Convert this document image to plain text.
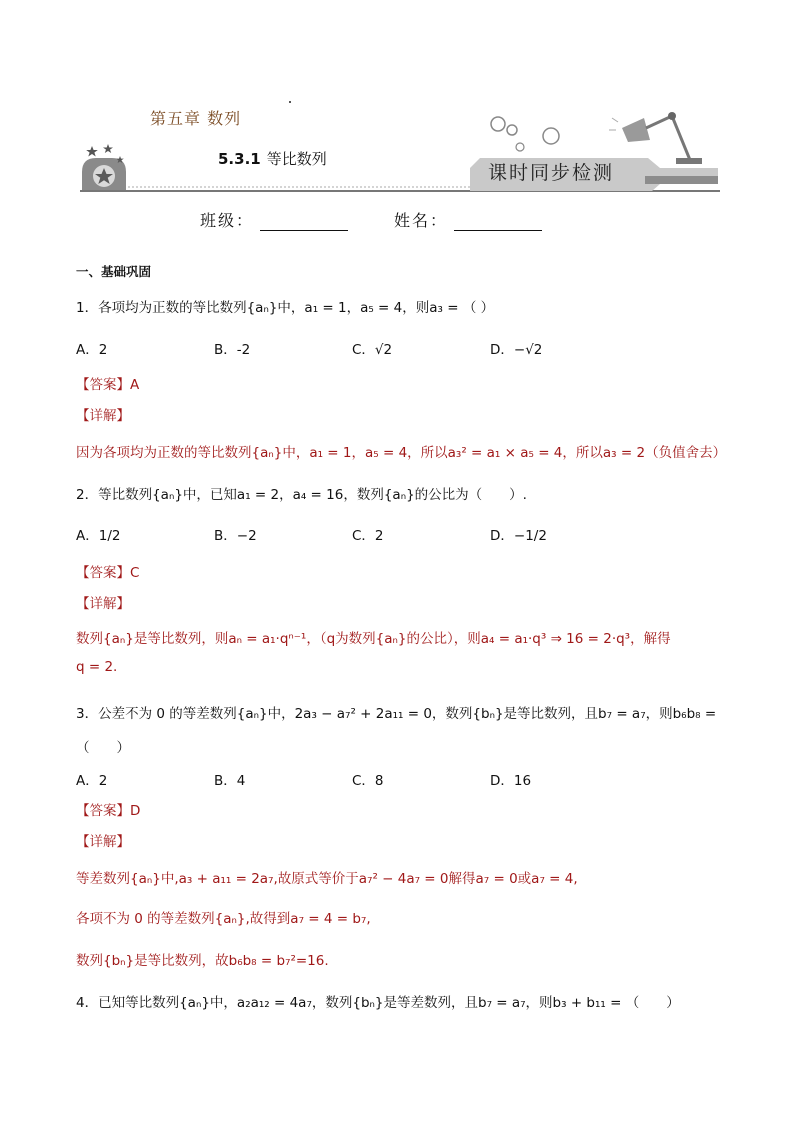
第五章 数列
5.3.1 等比数列
课时同步检测
班级：	姓名：
一、基础巩固
1．各项均为正数的等比数列{aₙ}中，a₁ = 1，a₅ = 4，则a₃ = （ ）
A．2	B．-2	C．√2	D．−√2
【答案】A
【详解】
因为各项均为正数的等比数列{aₙ}中，a₁ = 1，a₅ = 4，所以a₃² = a₁ × a₅ = 4，所以a₃ = 2（负值舍去）
2．等比数列{aₙ}中，已知a₁ = 2，a₄ = 16，数列{aₙ}的公比为（　　）.
A．1/2	B．−2	C．2	D．−1/2
【答案】C
【详解】
数列{aₙ}是等比数列，则aₙ = a₁·qⁿ⁻¹，（q为数列{aₙ}的公比），则a₄ = a₁·q³ ⇒ 16 = 2·q³，解得
q = 2.
3．公差不为 0 的等差数列{aₙ}中，2a₃ − a₇² + 2a₁₁ = 0，数列{bₙ}是等比数列，且b₇ = a₇，则b₆b₈ =
（　　）
A．2	B．4	C．8	D．16
【答案】D
【详解】
等差数列{aₙ}中,a₃ + a₁₁ = 2a₇,故原式等价于a₇² − 4a₇ = 0解得a₇ = 0或a₇ = 4,
各项不为 0 的等差数列{aₙ},故得到a₇ = 4 = b₇,
数列{bₙ}是等比数列，故b₆b₈ = b₇²=16.
4．已知等比数列{aₙ}中，a₂a₁₂ = 4a₇，数列{bₙ}是等差数列，且b₇ = a₇，则b₃ + b₁₁ = （　　）
